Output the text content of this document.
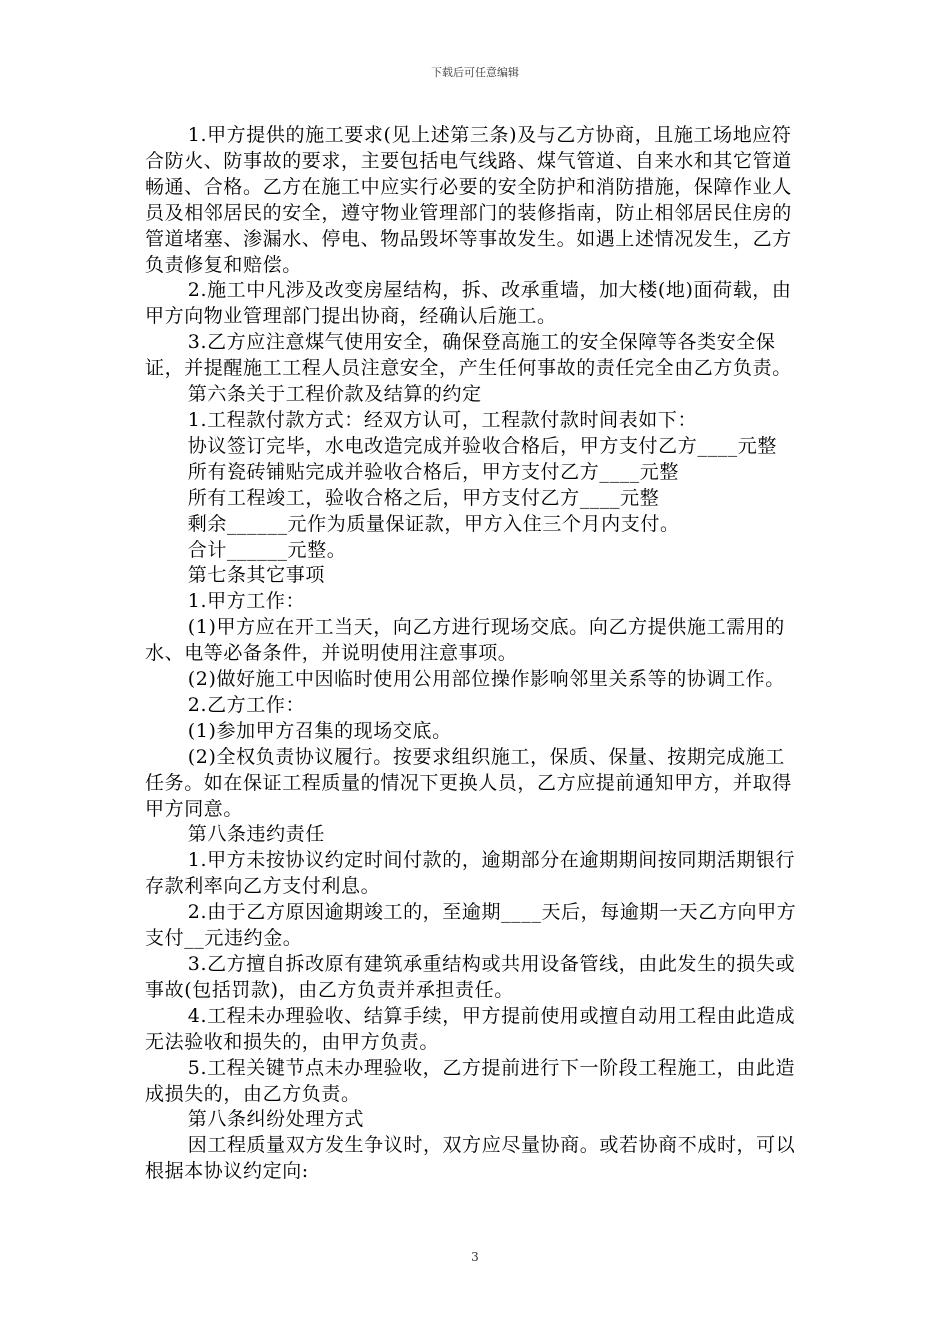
下载后可任意编辑

1.甲方提供的施工要求(见上述第三条)及与乙方协商，且施工场地应符合防火、防事故的要求，主要包括电气线路、煤气管道、自来水和其它管道畅通、合格。乙方在施工中应实行必要的安全防护和消防措施，保障作业人员及相邻居民的安全，遵守物业管理部门的装修指南，防止相邻居民住房的管道堵塞、渗漏水、停电、物品毁坏等事故发生。如遇上述情况发生，乙方负责修复和赔偿。

2.施工中凡涉及改变房屋结构，拆、改承重墙，加大楼(地)面荷载，由甲方向物业管理部门提出协商，经确认后施工。

3.乙方应注意煤气使用安全，确保登高施工的安全保障等各类安全保证，并提醒施工工程人员注意安全，产生任何事故的责任完全由乙方负责。

第六条关于工程价款及结算的约定

1.工程款付款方式：经双方认可，工程款付款时间表如下：

协议签订完毕，水电改造完成并验收合格后，甲方支付乙方____元整

所有瓷砖铺贴完成并验收合格后，甲方支付乙方____元整

所有工程竣工，验收合格之后，甲方支付乙方____元整

剩余______元作为质量保证款，甲方入住三个月内支付。

合计______元整。

第七条其它事项

1.甲方工作：

(1)甲方应在开工当天，向乙方进行现场交底。向乙方提供施工需用的水、电等必备条件，并说明使用注意事项。

(2)做好施工中因临时使用公用部位操作影响邻里关系等的协调工作。

2.乙方工作：

(1)参加甲方召集的现场交底。

(2)全权负责协议履行。按要求组织施工，保质、保量、按期完成施工任务。如在保证工程质量的情况下更换人员，乙方应提前通知甲方，并取得甲方同意。

第八条违约责任

1.甲方未按协议约定时间付款的，逾期部分在逾期期间按同期活期银行存款利率向乙方支付利息。

2.由于乙方原因逾期竣工的，至逾期____天后，每逾期一天乙方向甲方支付__元违约金。

3.乙方擅自拆改原有建筑承重结构或共用设备管线，由此发生的损失或事故(包括罚款)，由乙方负责并承担责任。

4.工程未办理验收、结算手续，甲方提前使用或擅自动用工程由此造成无法验收和损失的，由甲方负责。

5.工程关键节点未办理验收，乙方提前进行下一阶段工程施工，由此造成损失的，由乙方负责。

第八条纠纷处理方式

因工程质量双方发生争议时，双方应尽量协商。或若协商不成时，可以根据本协议约定向:

3
